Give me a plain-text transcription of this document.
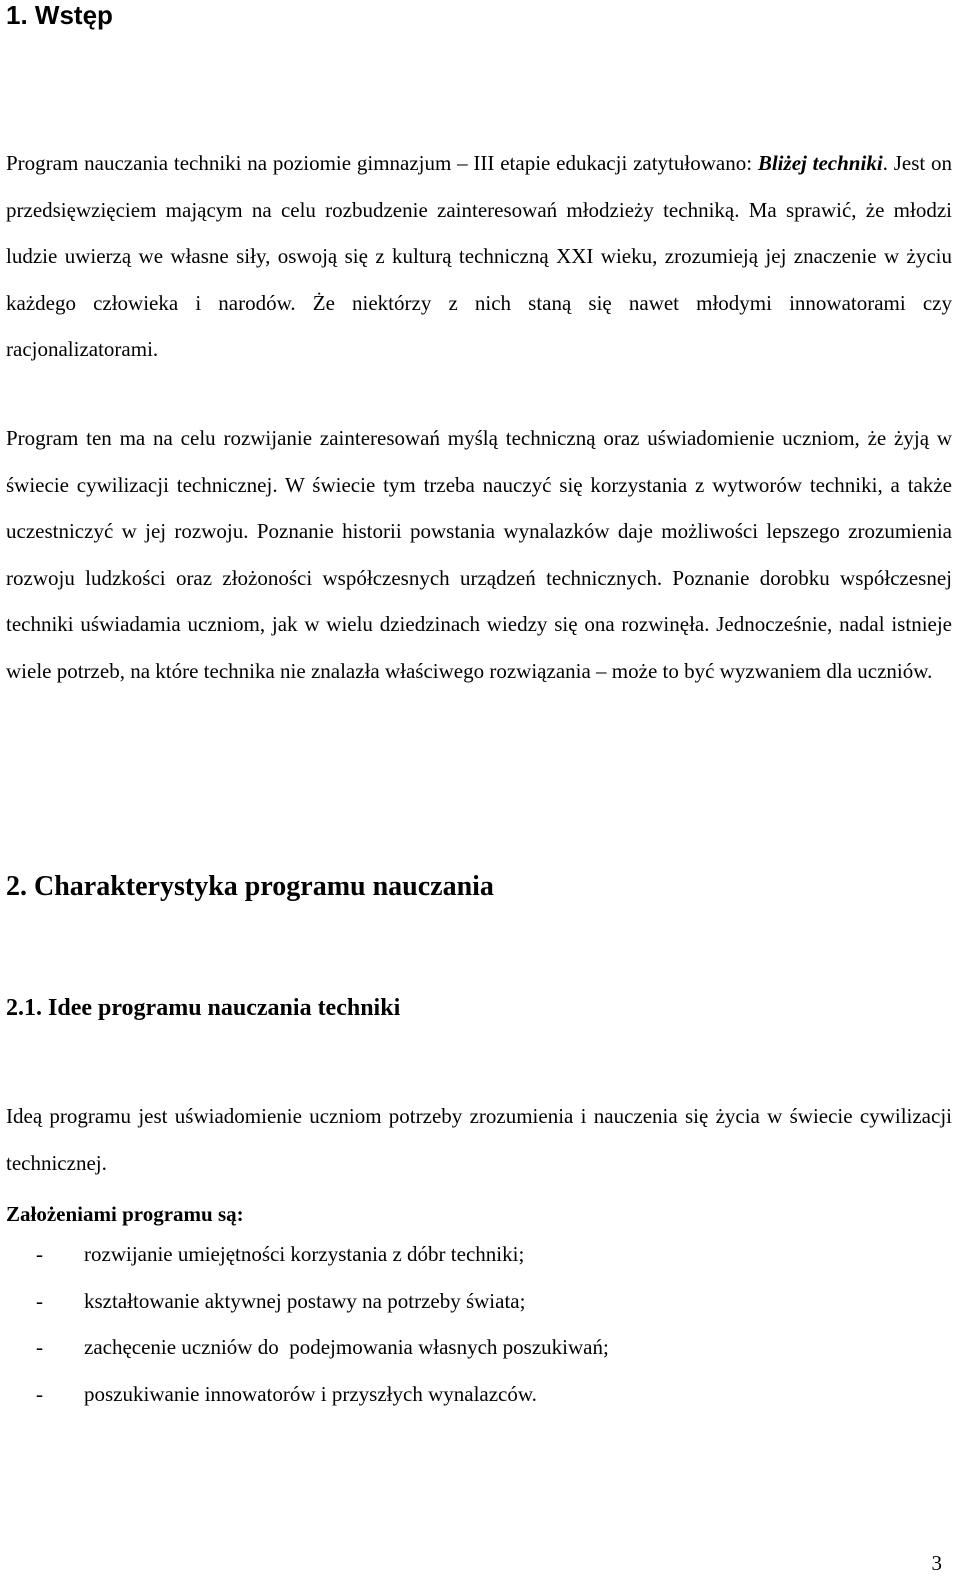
1. Wstęp

Program nauczania techniki na poziomie gimnazjum – III etapie edukacji zatytułowano: Bliżej techniki. Jest on przedsięwzięciem mającym na celu rozbudzenie zainteresowań młodzieży techniką. Ma sprawić, że młodzi ludzie uwierzą we własne siły, oswoją się z kulturą techniczną XXI wieku, zrozumieją jej znaczenie w życiu każdego człowieka i narodów. Że niektórzy z nich staną się nawet młodymi innowatorami czy racjonalizatorami.

Program ten ma na celu rozwijanie zainteresowań myślą techniczną oraz uświadomienie uczniom, że żyją w świecie cywilizacji technicznej. W świecie tym trzeba nauczyć się korzystania z wytworów techniki, a także uczestniczyć w jej rozwoju. Poznanie historii powstania wynalazków daje możliwości lepszego zrozumienia rozwoju ludzkości oraz złożoności współczesnych urządzeń technicznych. Poznanie dorobku współczesnej techniki uświadamia uczniom, jak w wielu dziedzinach wiedzy się ona rozwinęła. Jednocześnie, nadal istnieje wiele potrzeb, na które technika nie znalazła właściwego rozwiązania – może to być wyzwaniem dla uczniów.

2. Charakterystyka programu nauczania
2.1. Idee programu nauczania techniki

Ideą programu jest uświadomienie uczniom potrzeby zrozumienia i nauczenia się życia w świecie cywilizacji technicznej.

Założeniami programu są:

-	rozwijanie umiejętności korzystania z dóbr techniki;
-	kształtowanie aktywnej postawy na potrzeby świata;
-	zachęcenie uczniów do  podejmowania własnych poszukiwań;
-	poszukiwanie innowatorów i przyszłych wynalazców.
3
